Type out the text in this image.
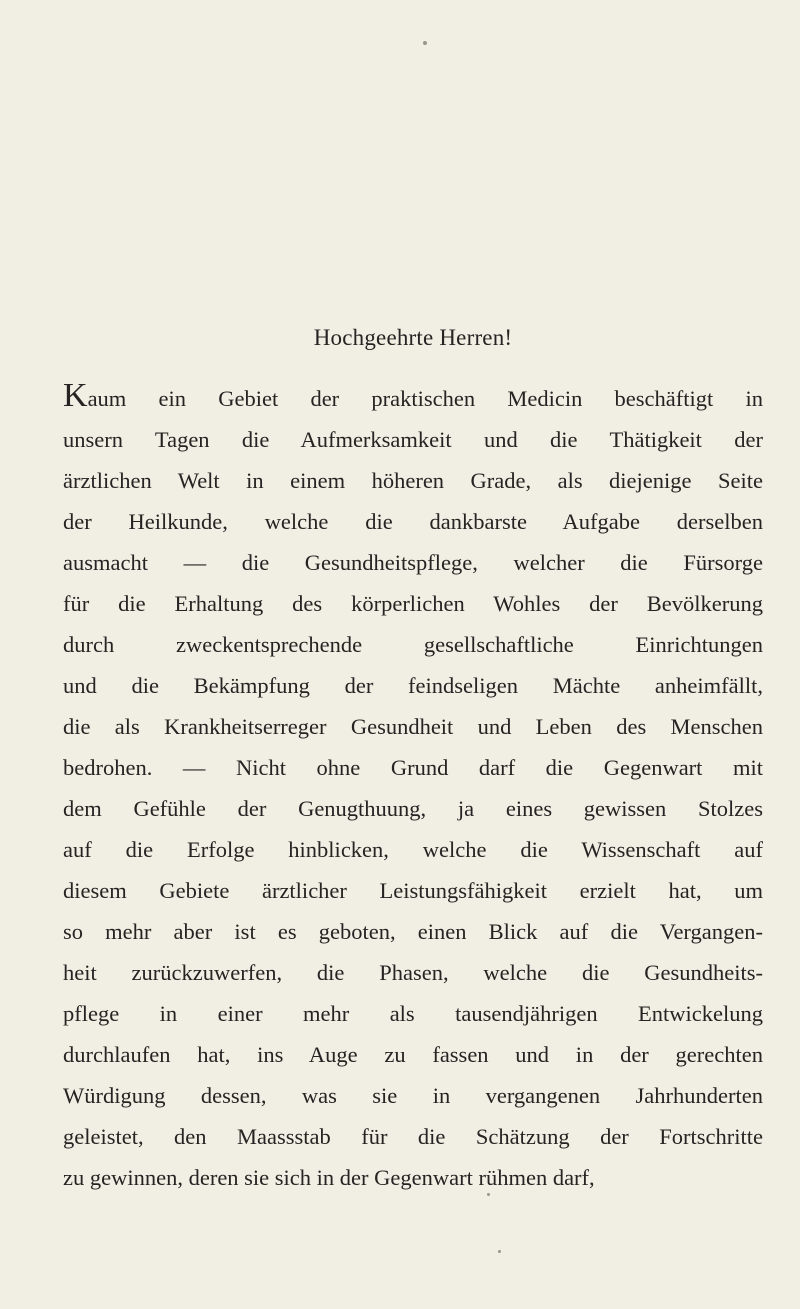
Hochgeehrte Herren!
Kaum ein Gebiet der praktischen Medicin beschäftigt in
unsern Tagen die Aufmerksamkeit und die Thätigkeit der
ärztlichen Welt in einem höheren Grade, als diejenige Seite
der Heilkunde, welche die dankbarste Aufgabe derselben
ausmacht — die Gesundheitspflege, welcher die Fürsorge
für die Erhaltung des körperlichen Wohles der Bevölkerung
durch zweckentsprechende gesellschaftliche Einrichtungen
und die Bekämpfung der feindseligen Mächte anheimfällt,
die als Krankheitserreger Gesundheit und Leben des Menschen
bedrohen. — Nicht ohne Grund darf die Gegenwart mit
dem Gefühle der Genugthuung, ja eines gewissen Stolzes
auf die Erfolge hinblicken, welche die Wissenschaft auf
diesem Gebiete ärztlicher Leistungsfähigkeit erzielt hat, um
so mehr aber ist es geboten, einen Blick auf die Vergangen-
heit zurückzuwerfen, die Phasen, welche die Gesundheits-
pflege in einer mehr als tausendjährigen Entwickelung
durchlaufen hat, ins Auge zu fassen und in der gerechten
Würdigung dessen, was sie in vergangenen Jahrhunderten
geleistet, den Maassstab für die Schätzung der Fortschritte
zu gewinnen, deren sie sich in der Gegenwart rühmen darf,
